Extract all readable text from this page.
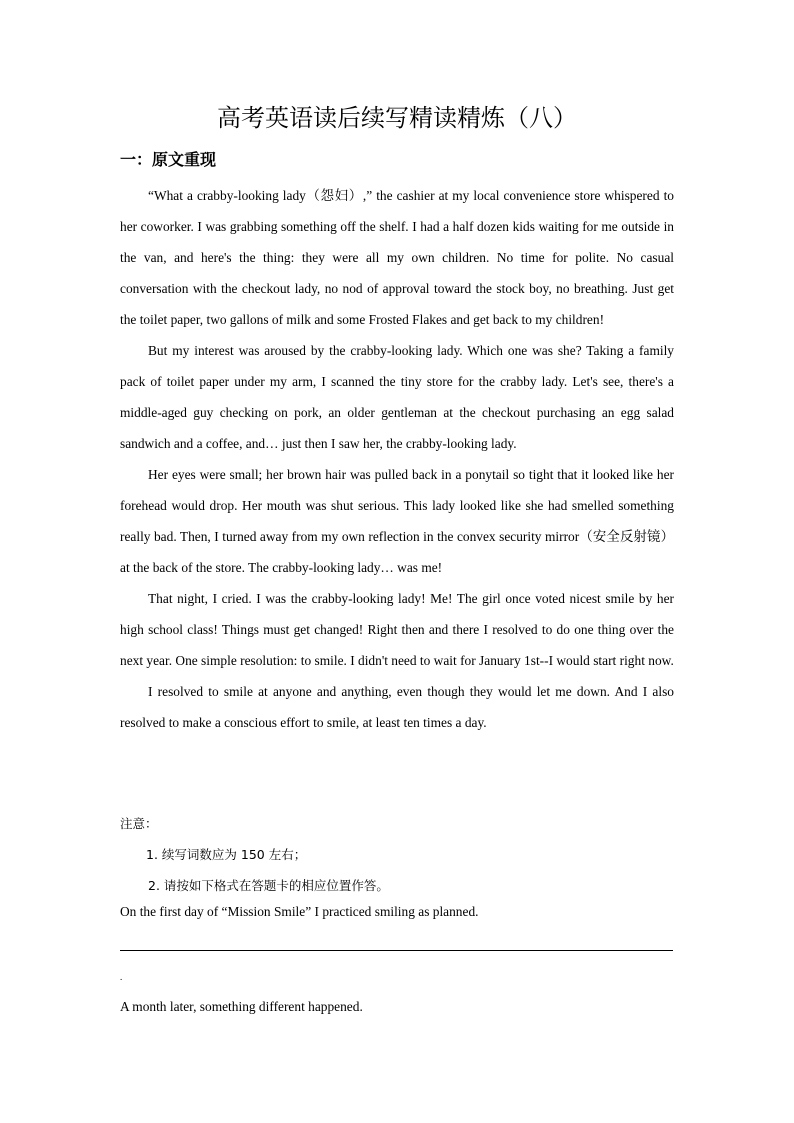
高考英语读后续写精读精炼（八）
一：原文重现

“What a crabby-looking lady（怨妇）,” the cashier at my local convenience store whispered to her coworker. I was grabbing something off the shelf. I had a half dozen kids waiting for me outside in the van, and here's the thing: they were all my own children. No time for polite. No casual conversation with the checkout lady, no nod of approval toward the stock boy, no breathing. Just get the toilet paper, two gallons of milk and some Frosted Flakes and get back to my children!

But my interest was aroused by the crabby-looking lady. Which one was she? Taking a family pack of toilet paper under my arm, I scanned the tiny store for the crabby lady. Let's see, there's a middle-aged guy checking on pork, an older gentleman at the checkout purchasing an egg salad sandwich and a coffee, and… just then I saw her, the crabby-looking lady.

Her eyes were small; her brown hair was pulled back in a ponytail so tight that it looked like her forehead would drop. Her mouth was shut serious. This lady looked like she had smelled something really bad. Then, I turned away from my own reflection in the convex security mirror（安全反射镜）at the back of the store. The crabby-looking lady… was me!

That night, I cried. I was the crabby-looking lady! Me! The girl once voted nicest smile by her high school class! Things must get changed! Right then and there I resolved to do one thing over the next year. One simple resolution: to smile. I didn't need to wait for January 1st--I would start right now.

I resolved to smile at anyone and anything, even though they would let me down. And I also resolved to make a conscious effort to smile, at least ten times a day.

注意：

1. 续写词数应为 150 左右；

2. 请按如下格式在答题卡的相应位置作答。

On the first day of “Mission Smile” I practiced smiling as planned.
.
A month later, something different happened.
